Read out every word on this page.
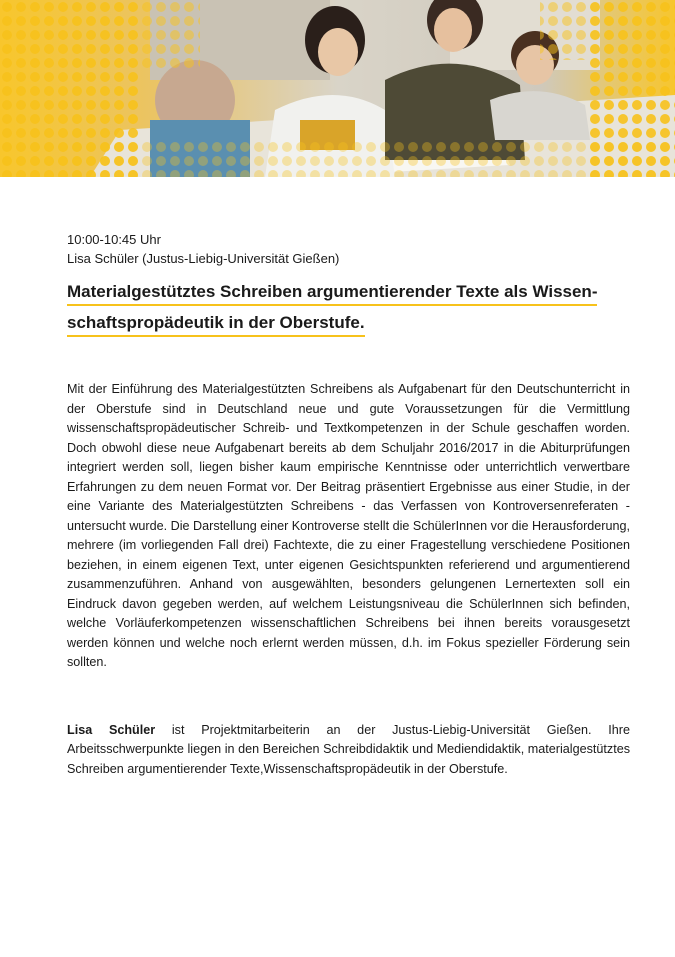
10:00-10:45 Uhr

Lisa Schüler (Justus-Liebig-Universität Gießen)

Materialgestütztes Schreiben argumentierender Texte als Wissen-
schaftspropädeutik in der Oberstufe.

Mit der Einführung des Materialgestützten Schreibens als Aufgabenart für den Deutschunterricht in der Oberstufe sind in Deutschland neue und gute Voraussetzungen für die Vermittlung wissenschaftspropädeutischer Schreib- und Textkompetenzen in der Schule geschaffen worden. Doch obwohl diese neue Aufgabenart bereits ab dem Schuljahr 2016/2017 in die Abiturprüfungen integriert werden soll, liegen bisher kaum empirische Kenntnisse oder unterrichtlich verwertbare Erfahrungen zu dem neuen Format vor. Der Beitrag präsentiert Ergebnisse aus einer Studie, in der eine Variante des Materialgestützten Schreibens - das Verfassen von Kontroversenreferaten - untersucht wurde. Die Darstellung einer Kontroverse stellt die SchülerInnen vor die Herausforderung, mehrere (im vorliegenden Fall drei) Fachtexte, die zu einer Fragestellung verschiedene Positionen beziehen, in einem eigenen Text, unter eigenen Gesichtspunkten referierend und argumentierend zusammenzuführen. Anhand von ausgewählten, besonders gelungenen Lernertexten soll ein Eindruck davon gegeben werden, auf welchem Leistungsniveau die SchülerInnen sich befinden, welche Vorläuferkompetenzen wissenschaftlichen Schreibens bei ihnen bereits vorausgesetzt werden können und welche noch erlernt werden müssen, d.h. im Fokus spezieller Förderung sein sollten.

Lisa Schüler ist Projektmitarbeiterin an der Justus-Liebig-Universität Gießen. Ihre Arbeitsschwerpunkte liegen in den Bereichen Schreibdidaktik und Mediendidaktik, materialgestütztes Schreiben argumentierender Texte,Wissenschaftspropädeutik in der Oberstufe.
